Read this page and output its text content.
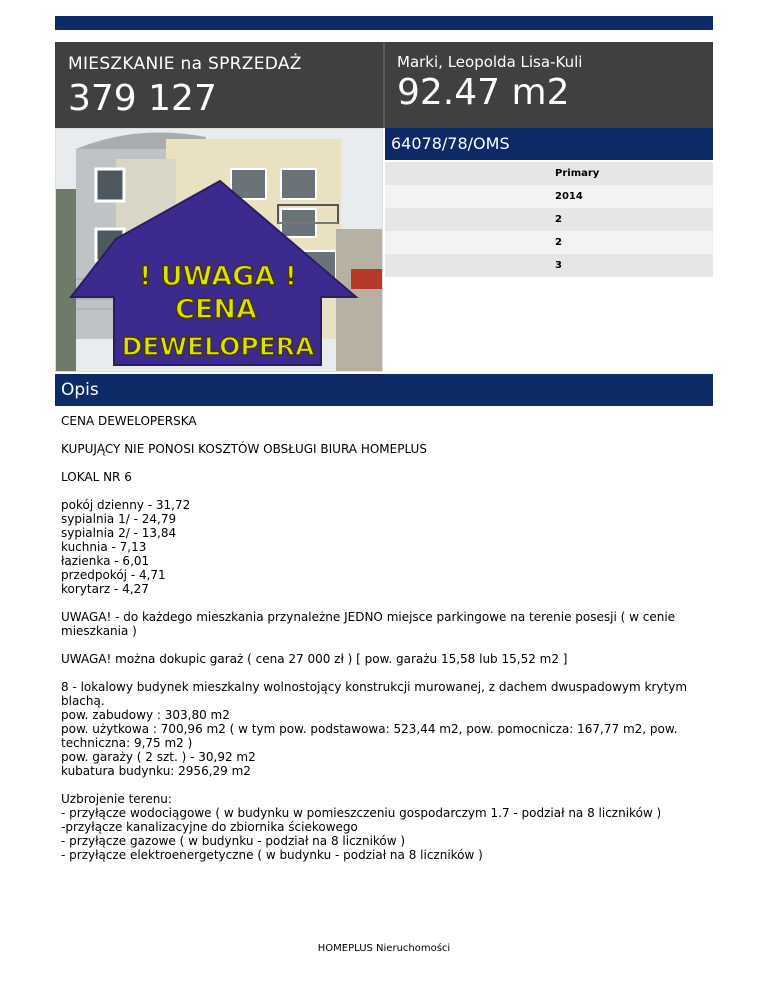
MIESZKANIE na SPRZEDAŻ
379 127
Marki, Leopolda Lisa-Kuli
92.47 m2
! UWAGA !
CENA
DEWELOPERA
64078/78/OMS
Primary
2014
2
2
3
Opis

CENA DEWELOPERSKA

KUPUJĄCY NIE PONOSI KOSZTÓW OBSŁUGI BIURA HOMEPLUS

LOKAL NR 6

pokój dzienny - 31,72
sypialnia 1/ - 24,79
sypialnia 2/ - 13,84
kuchnia - 7,13
łazienka - 6,01
przedpokój - 4,71
korytarz - 4,27

UWAGA! - do każdego mieszkania przynależne JEDNO miejsce parkingowe na terenie posesji ( w cenie mieszkania )

UWAGA! można dokupic garaż ( cena 27 000 zł ) [ pow. garażu 15,58 lub 15,52 m2 ]

8 - lokalowy budynek mieszkalny wolnostojący konstrukcji murowanej, z dachem dwuspadowym krytym blachą.
pow. zabudowy : 303,80 m2
pow. użytkowa : 700,96 m2 ( w tym pow. podstawowa: 523,44 m2, pow. pomocnicza: 167,77 m2, pow. techniczna: 9,75 m2 )
pow. garaży ( 2 szt. ) - 30,92 m2
kubatura budynku: 2956,29 m2

Uzbrojenie terenu:
- przyłącze wodociągowe ( w budynku w pomieszczeniu gospodarczym 1.7 - podział na 8 liczników )
-przyłącze kanalizacyjne do zbiornika ściekowego
- przyłącze gazowe ( w budynku - podział na 8 liczników )
- przyłącze elektroenergetyczne ( w budynku - podział na 8 liczników )

HOMEPLUS Nieruchomości
